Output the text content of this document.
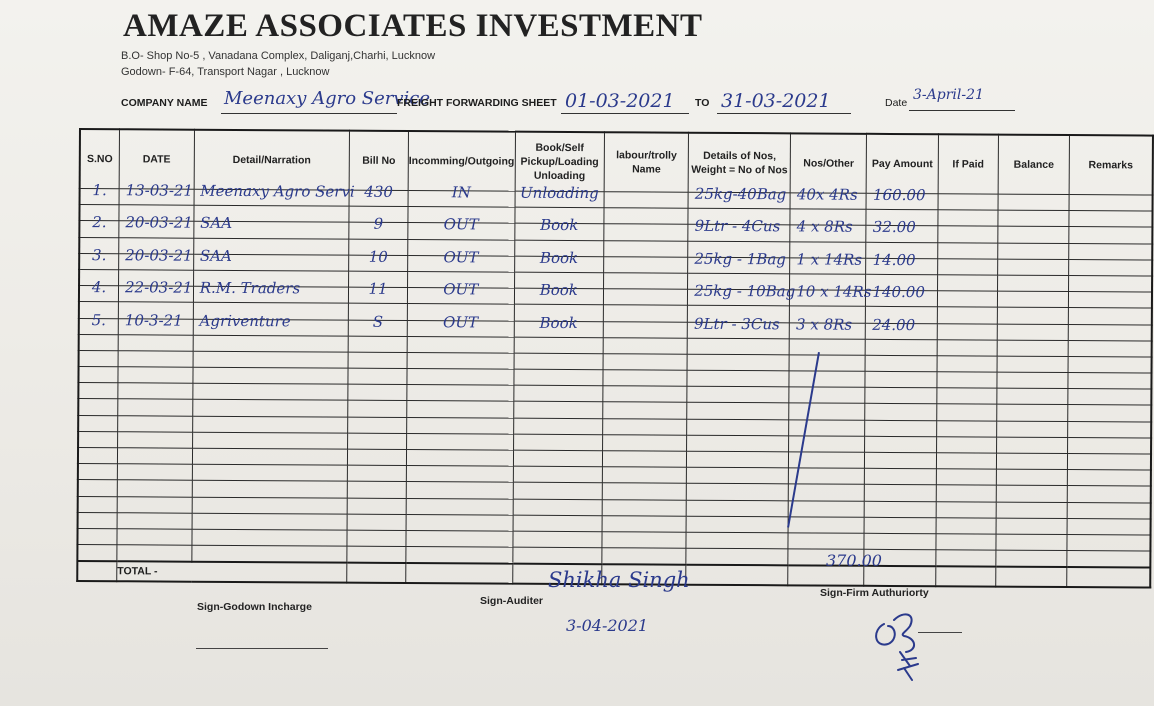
AMAZE ASSOCIATES INVESTMENT
B.O- Shop No-5 , Vanadana Complex, Daliganj,Charhi, Lucknow
Godown- F-64, Transport Nagar , Lucknow
COMPANY NAME Meenaxy Agro Service
FREIGHT FORWARDING SHEET 01-03-2021 TO 31-03-2021	Date 3-April-21
S.NO	DATE	Detail/Narration	Bill No	Incomming/Outgoing	Book/Self Pickup/Loading Unloading	labour/trolly Name	Details of Nos, Weight = No of Nos	Nos/Other	Pay Amount	If Paid	Balance	Remarks

1.	13-03-21	Meenaxy Agro Servi	430	IN	Unloading		25kg-40Bag	40x 4Rs	160.00			

2.	20-03-21	SAA	9	OUT	Book		9Ltr - 4Cus	4 x 8Rs	32.00			

3.	20-03-21	SAA	10	OUT	Book		25kg - 1Bag	1 x 14Rs	14.00			

4.	22-03-21	R.M. Traders	11	OUT	Book		25kg - 10Bag	10 x 14Rs	140.00			

5.	10-3-21	Agriventure	S	OUT	Book		9Ltr - 3Cus	3 x 8Rs	24.00			

	TOTAL -											
370.00
Sign-Godown Incharge	Sign-Auditer
Shikha Singh
3-04-2021
Sign-Firm Authuriorty
